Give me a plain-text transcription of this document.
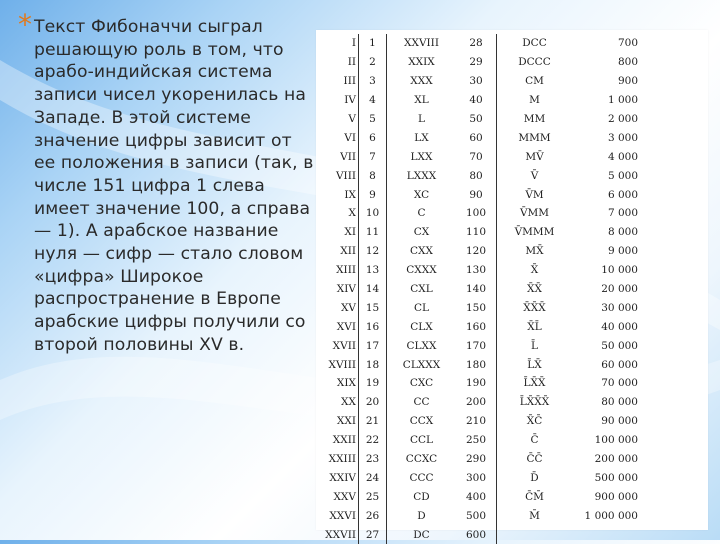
* Текст Фибоначчи сыграл решающую роль в том, что арабо-индийская система записи чисел укоренилась на Западе. В этой системе значение цифры зависит от ее положения в записи (так, в числе 151 цифра 1 слева имеет значение 100, а справа — 1). А арабское название нуля — сифр — стало словом «цифра» Широкое распространение в Европе арабские цифры получили со второй половины XV в.
I	1	XXVIII	28	DCC	700
II	2	XXIX	29	DCCC	800
III	3	XXX	30	CM	900
IV	4	XL	40	M	1 000
V	5	L	50	MM	2 000
VI	6	LX	60	MMM	3 000
VII	7	LXX	70	MV̄	4 000
VIII	8	LXXX	80	V̄	5 000
IX	9	XC	90	V̄M	6 000
X 10	C	100	V̄MM	7 000
XI 11	CX	110	V̄MMM	8 000
XII 12	CXX	120	MX̄	9 000
XIII 13	CXXX	130	X̄	10 000
XIV 14	CXL	140	X̄X̄	20 000
XV 15	CL	150	X̄X̄X̄	30 000
XVI 16	CLX	160	X̄L̄	40 000
XVII 17	CLXX	170	L̄	50 000
XVIII 18	CLXXX	180	L̄X̄	60 000
XIX 19	CXC	190	L̄X̄X̄	70 000
XX 20	CC	200	L̄X̄X̄X̄	80 000
XXI 21	CCX	210	X̄C̄	90 000
XXII 22	CCL	250	C̄	100 000
XXIII 23	CCXC	290	C̄C̄	200 000
XXIV 24	CCC	300	D̄	500 000
XXV 25	CD	400	C̄M̄	900 000
XXVI 26	D	500	M̄	1 000 000
XXVII 27	DC	600
